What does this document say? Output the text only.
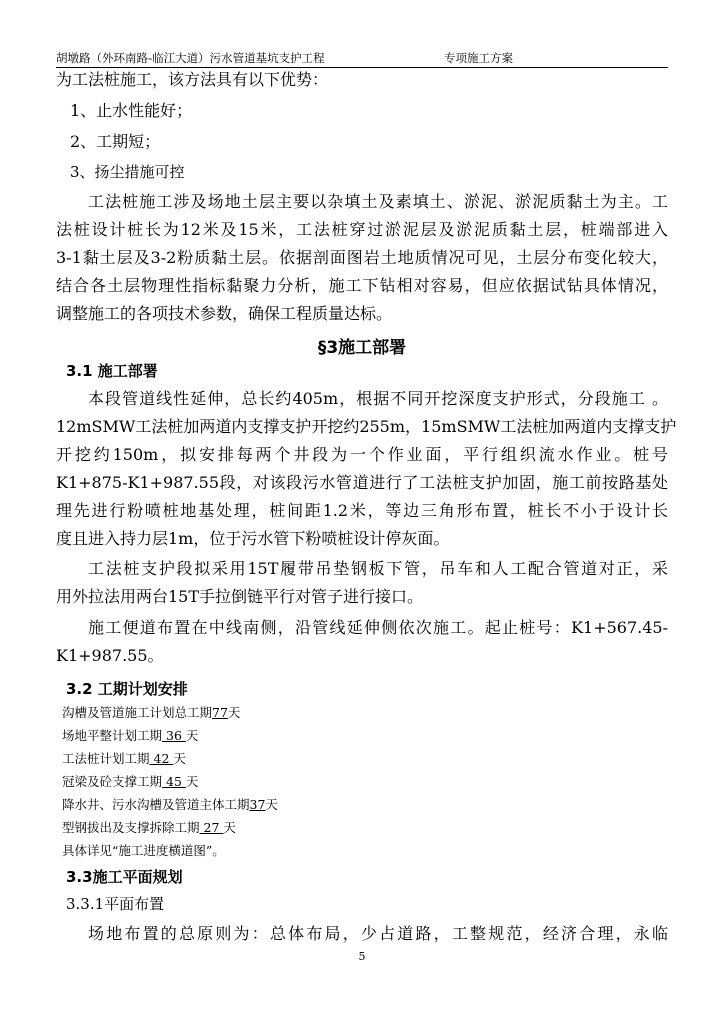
胡墩路（外环南路-临江大道）污水管道基坑支护工程	专项施工方案
为工法桩施工，该方法具有以下优势：
1、止水性能好；
2、工期短；
3、扬尘措施可控
工法桩施工涉及场地土层主要以杂填土及素填土、淤泥、淤泥质黏土为主。工
法桩设计桩长为12米及15米，工法桩穿过淤泥层及淤泥质黏土层，桩端部进入
3-1黏土层及3-2粉质黏土层。依据剖面图岩土地质情况可见，土层分布变化较大，
结合各土层物理性指标黏聚力分析，施工下钻相对容易，但应依据试钻具体情况，
调整施工的各项技术参数，确保工程质量达标。
§3施工部署
3.1 施工部署
本段管道线性延伸，总长约405m，根据不同开挖深度支护形式，分段施工 。
12mSMW工法桩加两道内支撑支护开挖约255m，15mSMW工法桩加两道内支撑支护
开挖约150m，拟安排每两个井段为一个作业面，平行组织流水作业。桩号
K1+875-K1+987.55段，对该段污水管道进行了工法桩支护加固，施工前按路基处
理先进行粉喷桩地基处理，桩间距1.2米，等边三角形布置，桩长不小于设计长
度且进入持力层1m，位于污水管下粉喷桩设计停灰面。
工法桩支护段拟采用15T履带吊垫钢板下管，吊车和人工配合管道对正，采
用外拉法用两台15T手拉倒链平行对管子进行接口。
施工便道布置在中线南侧，沿管线延伸侧依次施工。起止桩号：K1+567.45-
K1+987.55。
3.2 工期计划安排
沟槽及管道施工计划总工期77天
场地平整计划工期 36 天
工法桩计划工期 42 天
冠梁及砼支撑工期 45 天
降水井、污水沟槽及管道主体工期37天
型钢拔出及支撑拆除工期 27 天
具体详见“施工进度横道图”。
3.3施工平面规划
3.3.1平面布置
场地布置的总原则为：总体布局，少占道路，工整规范，经济合理，永临
5
